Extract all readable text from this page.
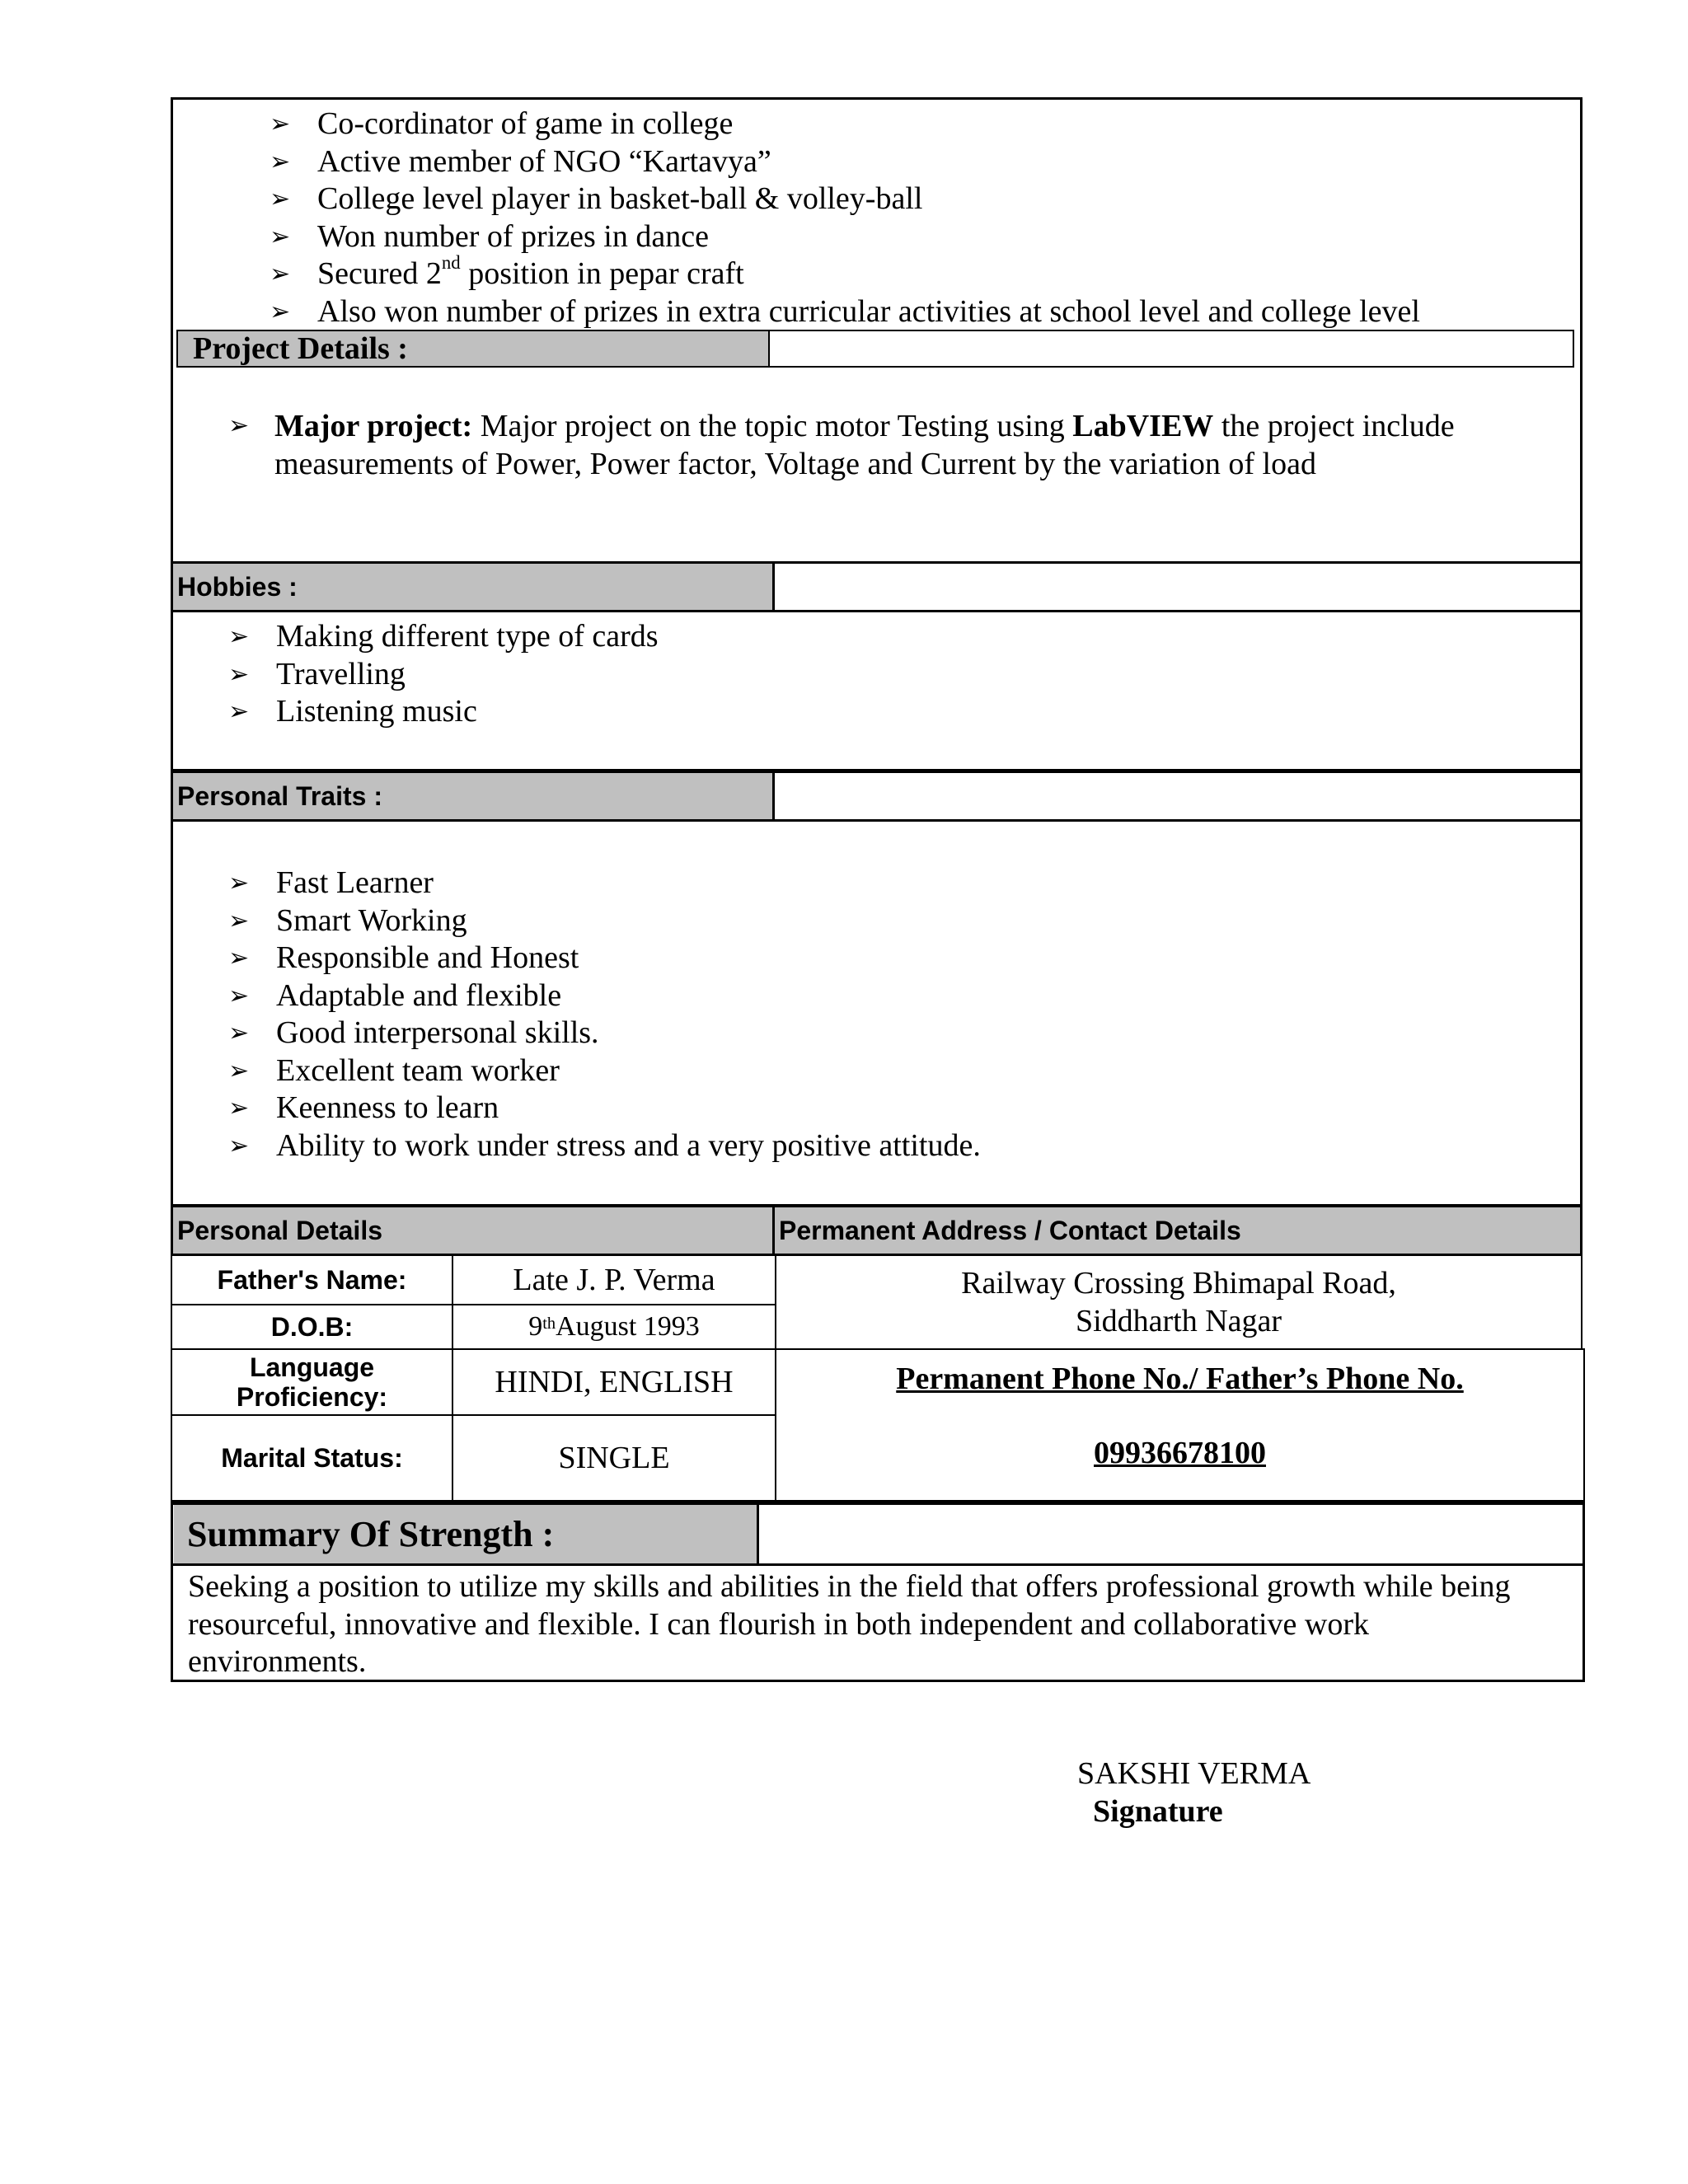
➢ Co-cordinator of game in college
➢ Active member of NGO “Kartavya”
➢ College level player in basket-ball & volley-ball
➢ Won number of prizes in dance
➢ Secured 2nd position in pepar craft
➢ Also won number of prizes in extra curricular activities at school level and college level
Project Details :
➢ Major project: Major project on the topic motor Testing using LabVIEW the project include
measurements of Power, Power factor, Voltage and Current by the variation of load
Hobbies :
➢ Making different type of cards
➢ Travelling
➢ Listening music
Personal Traits :
➢ Fast Learner
➢ Smart Working
➢ Responsible and Honest
➢ Adaptable and flexible
➢ Good interpersonal skills.
➢ Excellent team worker
➢ Keenness to learn
➢ Ability to work under stress and a very positive attitude.
Personal Details	Permanent Address / Contact Details
Father's Name:	Late J. P. Verma
D.O.B:	9th August 1993
Language
Proficiency:	HINDI, ENGLISH
Marital Status:	SINGLE
Railway Crossing Bhimapal Road,
Siddharth Nagar
Permanent Phone No./ Father’s Phone No.
09936678100
Summary Of Strength :
Seeking a position to utilize my skills and abilities in the field that offers professional growth while being
resourceful, innovative and flexible. I can flourish in both independent and collaborative work
environments.
SAKSHI VERMA
Signature
